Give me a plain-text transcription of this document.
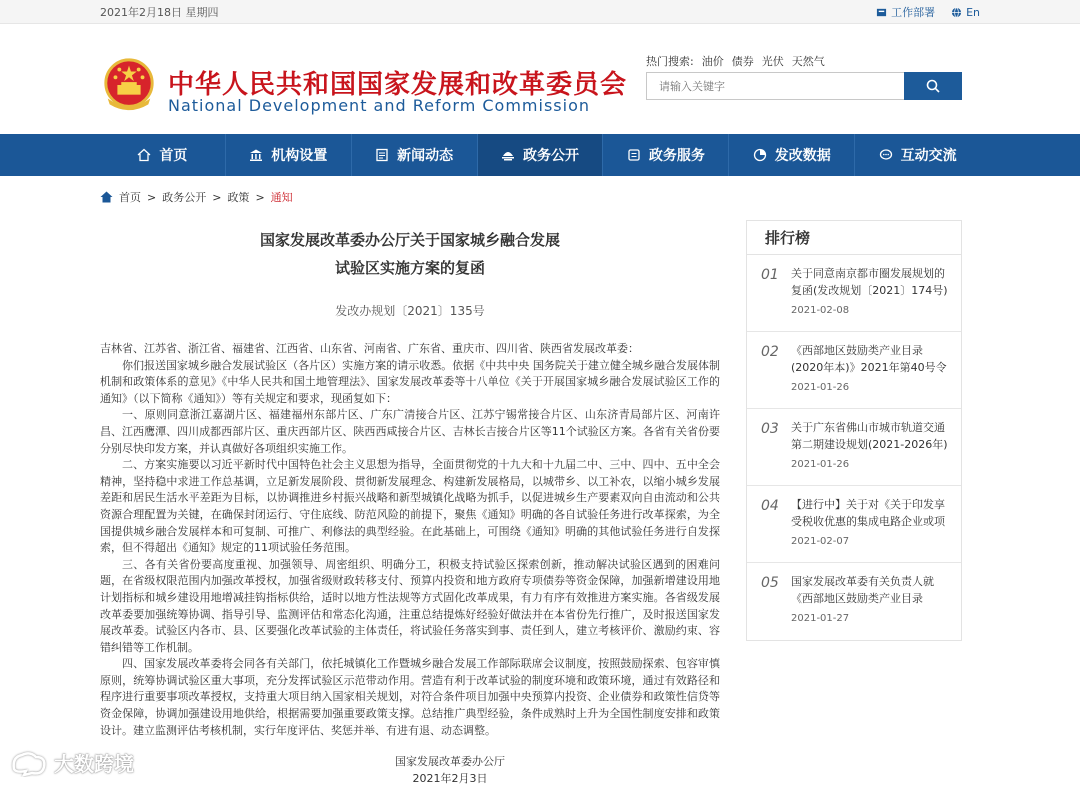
2021年2月18日 星期四	工作部署	En
中华人民共和国国家发展和改革委员会
National Development and Reform Commission
热门搜索: 油价 债券 光伏 天然气
请输入关键字
首页	机构设置	新闻动态	政务公开	政务服务	发改数据	互动交流
首页 > 政务公开 > 政策 > 通知
国家发展改革委办公厅关于国家城乡融合发展
试验区实施方案的复函
发改办规划〔2021〕135号

吉林省、江苏省、浙江省、福建省、江西省、山东省、河南省、广东省、重庆市、四川省、陕西省发展改革委：

你们报送国家城乡融合发展试验区（各片区）实施方案的请示收悉。依据《中共中央 国务院关于建立健全城乡融合发展体制机制和政策体系的意见》《中华人民共和国土地管理法》、国家发展改革委等十八单位《关于开展国家城乡融合发展试验区工作的通知》（以下简称《通知》）等有关规定和要求，现函复如下：

一、原则同意浙江嘉湖片区、福建福州东部片区、广东广清接合片区、江苏宁锡常接合片区、山东济青局部片区、河南许昌、江西鹰潭、四川成都西部片区、重庆西部片区、陕西西咸接合片区、吉林长吉接合片区等11个试验区方案。各省有关省份要分别尽快印发方案，并认真做好各项组织实施工作。

二、方案实施要以习近平新时代中国特色社会主义思想为指导，全面贯彻党的十九大和十九届二中、三中、四中、五中全会精神，坚持稳中求进工作总基调，立足新发展阶段、贯彻新发展理念、构建新发展格局，以城带乡、以工补农，以缩小城乡发展差距和居民生活水平差距为目标，以协调推进乡村振兴战略和新型城镇化战略为抓手，以促进城乡生产要素双向自由流动和公共资源合理配置为关键，在确保封闭运行、守住底线、防范风险的前提下，聚焦《通知》明确的各自试验任务进行改革探索，为全国提供城乡融合发展样本和可复制、可推广、利修法的典型经验。在此基础上，可围绕《通知》明确的其他试验任务进行自发探索，但不得超出《通知》规定的11项试验任务范围。

三、各有关省份要高度重视、加强领导、周密组织、明确分工，积极支持试验区探索创新，推动解决试验区遇到的困难问题，在省级权限范围内加强改革授权，加强省级财政转移支付、预算内投资和地方政府专项债券等资金保障，加强新增建设用地计划指标和城乡建设用地增减挂钩指标供给，适时以地方性法规等方式固化改革成果，有力有序有效推进方案实施。各省级发展改革委要加强统筹协调、指导引导、监测评估和常态化沟通，注重总结提炼好经验好做法并在本省份先行推广，及时报送国家发展改革委。试验区内各市、县、区要强化改革试验的主体责任，将试验任务落实到事、责任到人，建立考核评价、激励约束、容错纠错等工作机制。

四、国家发展改革委将会同各有关部门，依托城镇化工作暨城乡融合发展工作部际联席会议制度，按照鼓励探索、包容审慎原则，统筹协调试验区重大事项，充分发挥试验区示范带动作用。营造有利于改革试验的制度环境和政策环境，通过有效路径和程序进行重要事项改革授权，支持重大项目纳入国家相关规划，对符合条件项目加强中央预算内投资、企业债券和政策性信贷等资金保障，协调加强建设用地供给，根据需要加强重要政策支撑。总结推广典型经验，条件成熟时上升为全国性制度安排和政策设计。建立监测评估考核机制，实行年度评估、奖惩并举、有进有退、动态调整。

国家发展改革委办公厅
2021年2月3日
排行榜
01 关于同意南京都市圈发展规划的复函(发改规划〔2021〕174号)
2021-02-08
02 《西部地区鼓励类产业目录(2020年本)》2021年第40号令
2021-01-26
03 关于广东省佛山市城市轨道交通第二期建设规划(2021-2026年)
2021-01-26
04 【进行中】关于对《关于印发享受税收优惠的集成电路企业或项
2021-02-07
05 国家发展改革委有关负责人就《西部地区鼓励类产业目录
2021-01-27
大数跨境
